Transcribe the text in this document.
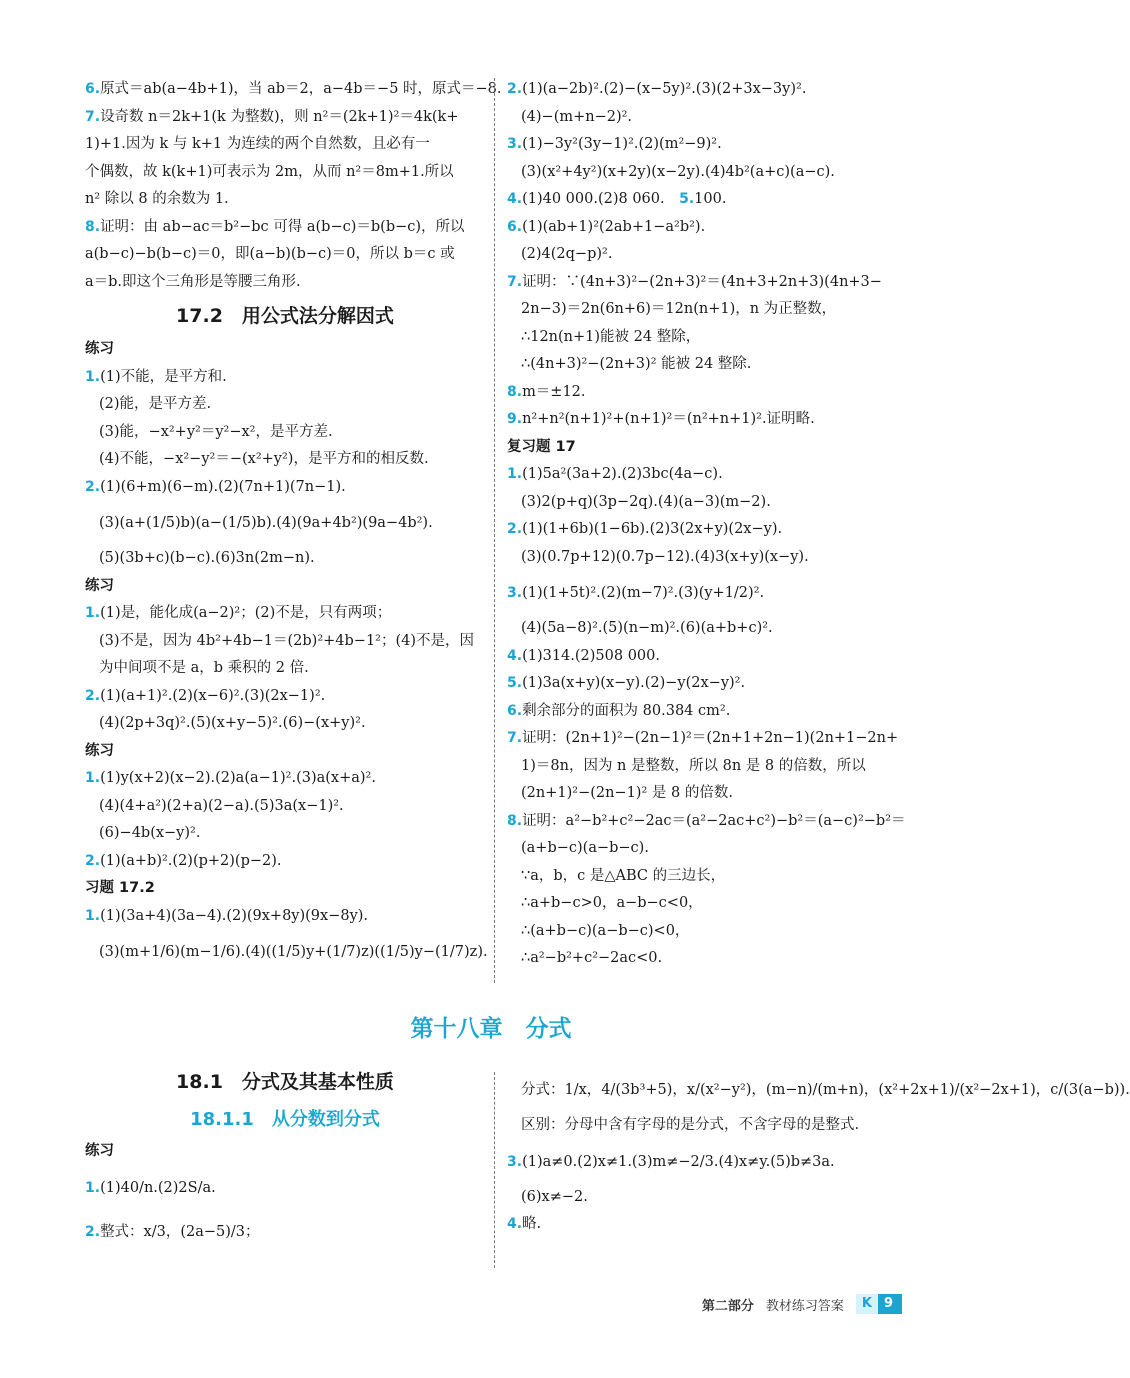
6.原式＝ab(a−4b+1)，当 ab＝2，a−4b＝−5 时，原式＝−8.
7.设奇数 n＝2k+1(k 为整数)，则 n²＝(2k+1)²＝4k(k+
1)+1.因为 k 与 k+1 为连续的两个自然数，且必有一
个偶数，故 k(k+1)可表示为 2m，从而 n²＝8m+1.所以
n² 除以 8 的余数为 1.
8.证明：由 ab−ac＝b²−bc 可得 a(b−c)＝b(b−c)，所以
a(b−c)−b(b−c)＝0，即(a−b)(b−c)＝0，所以 b＝c 或
a＝b.即这个三角形是等腰三角形.
17.2　用公式法分解因式
练习
1.(1)不能，是平方和.
(2)能，是平方差.
(3)能，−x²+y²＝y²−x²，是平方差.
(4)不能，−x²−y²＝−(x²+y²)，是平方和的相反数.
2.(1)(6+m)(6−m).(2)(7n+1)(7n−1).
(3)(a+(1/5)b)(a−(1/5)b).(4)(9a+4b²)(9a−4b²).
(5)(3b+c)(b−c).(6)3n(2m−n).
练习
1.(1)是，能化成(a−2)²；(2)不是，只有两项；
(3)不是，因为 4b²+4b−1＝(2b)²+4b−1²；(4)不是，因
为中间项不是 a，b 乘积的 2 倍.
2.(1)(a+1)².(2)(x−6)².(3)(2x−1)².
(4)(2p+3q)².(5)(x+y−5)².(6)−(x+y)².
练习
1.(1)y(x+2)(x−2).(2)a(a−1)².(3)a(x+a)².
(4)(4+a²)(2+a)(2−a).(5)3a(x−1)².
(6)−4b(x−y)².
2.(1)(a+b)².(2)(p+2)(p−2).
习题 17.2
1.(1)(3a+4)(3a−4).(2)(9x+8y)(9x−8y).
(3)(m+1/6)(m−1/6).(4)((1/5)y+(1/7)z)((1/5)y−(1/7)z).
2.(1)(a−2b)².(2)−(x−5y)².(3)(2+3x−3y)².
(4)−(m+n−2)².
3.(1)−3y²(3y−1)².(2)(m²−9)².
(3)(x²+4y²)(x+2y)(x−2y).(4)4b²(a+c)(a−c).
4.(1)40 000.(2)8 060.　5.100.
6.(1)(ab+1)²(2ab+1−a²b²).
(2)4(2q−p)².
7.证明：∵(4n+3)²−(2n+3)²＝(4n+3+2n+3)(4n+3−
2n−3)＝2n(6n+6)＝12n(n+1)，n 为正整数，
∴12n(n+1)能被 24 整除，
∴(4n+3)²−(2n+3)² 能被 24 整除.
8.m＝±12.
9.n²+n²(n+1)²+(n+1)²＝(n²+n+1)².证明略.
复习题 17
1.(1)5a²(3a+2).(2)3bc(4a−c).
(3)2(p+q)(3p−2q).(4)(a−3)(m−2).
2.(1)(1+6b)(1−6b).(2)3(2x+y)(2x−y).
(3)(0.7p+12)(0.7p−12).(4)3(x+y)(x−y).
3.(1)(1+5t)².(2)(m−7)².(3)(y+1/2)².
(4)(5a−8)².(5)(n−m)².(6)(a+b+c)².
4.(1)314.(2)508 000.
5.(1)3a(x+y)(x−y).(2)−y(2x−y)².
6.剩余部分的面积为 80.384 cm².
7.证明：(2n+1)²−(2n−1)²＝(2n+1+2n−1)(2n+1−2n+
1)＝8n，因为 n 是整数，所以 8n 是 8 的倍数，所以
(2n+1)²−(2n−1)² 是 8 的倍数.
8.证明：a²−b²+c²−2ac＝(a²−2ac+c²)−b²＝(a−c)²−b²＝
(a+b−c)(a−b−c).
∵a，b，c 是△ABC 的三边长，
∴a+b−c>0，a−b−c<0，
∴(a+b−c)(a−b−c)<0，
∴a²−b²+c²−2ac<0.
第十八章　分式
18.1　分式及其基本性质
18.1.1　从分数到分式
练习
1.(1)40/n.(2)2S/a.
2.整式：x/3，(2a−5)/3；
分式：1/x，4/(3b³+5)，x/(x²−y²)，(m−n)/(m+n)，(x²+2x+1)/(x²−2x+1)，c/(3(a−b)).
区别：分母中含有字母的是分式，不含字母的是整式.
3.(1)a≠0.(2)x≠1.(3)m≠−2/3.(4)x≠y.(5)b≠3a.
(6)x≠−2.
4.略.
第二部分 教材练习答案	K 9
